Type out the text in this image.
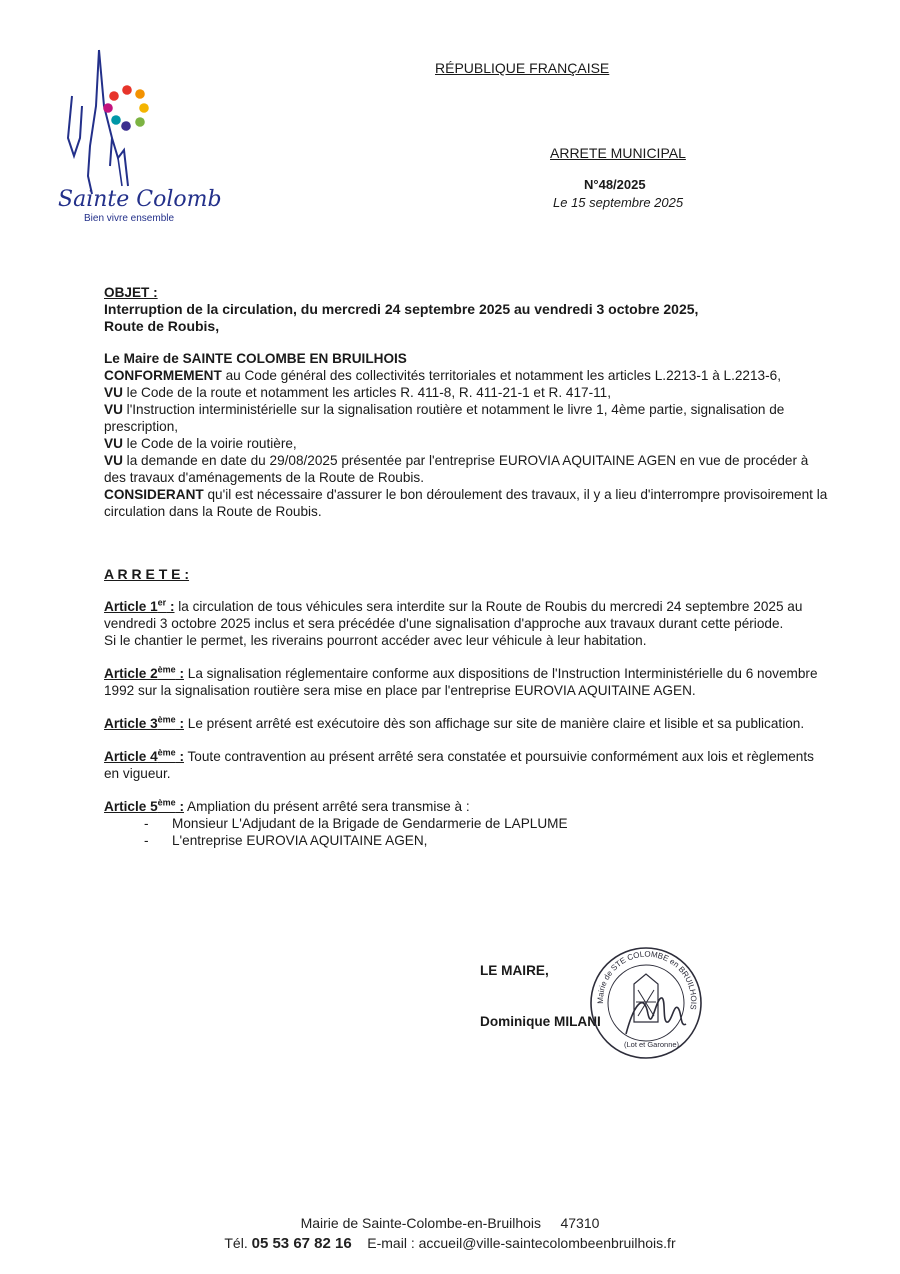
Sainte Colombe
Bien vivre ensemble
RÉPUBLIQUE FRANÇAISE
ARRETE MUNICIPAL
N°48/2025
Le 15 septembre 2025
OBJET :
Interruption de la circulation, du mercredi 24 septembre 2025 au vendredi 3 octobre 2025,
Route de Roubis,
Le Maire de SAINTE COLOMBE EN BRUILHOIS
CONFORMEMENT au Code général des collectivités territoriales et notamment les articles L.2213-1 à L.2213-6,
VU le Code de la route et notamment les articles R. 411-8, R. 411-21-1 et R. 417-11,
VU l'Instruction interministérielle sur la signalisation routière et notamment le livre 1, 4ème partie, signalisation de prescription,
VU le Code de la voirie routière,
VU la demande en date du 29/08/2025 présentée par l'entreprise EUROVIA AQUITAINE AGEN en vue de procéder à des travaux d'aménagements de la Route de Roubis.
CONSIDERANT qu'il est nécessaire d'assurer le bon déroulement des travaux, il y a lieu d'interrompre provisoirement la circulation dans la Route de Roubis.
A R R E T E :
Article 1er : la circulation de tous véhicules sera interdite sur la Route de Roubis du mercredi 24 septembre 2025 au vendredi 3 octobre 2025 inclus et sera précédée d'une signalisation d'approche aux travaux durant cette période.
Si le chantier le permet, les riverains pourront accéder avec leur véhicule à leur habitation.
Article 2ème : La signalisation réglementaire conforme aux dispositions de l'Instruction Interministérielle du 6 novembre 1992 sur la signalisation routière sera mise en place par l'entreprise EUROVIA AQUITAINE AGEN.
Article 3ème : Le présent arrêté est exécutoire dès son affichage sur site de manière claire et lisible et sa publication.
Article 4ème : Toute contravention au présent arrêté sera constatée et poursuivie conformément aux lois et règlements en vigueur.
Article 5ème : Ampliation du présent arrêté sera transmise à :
- Monsieur L'Adjudant de la Brigade de Gendarmerie de LAPLUME
- L'entreprise EUROVIA AQUITAINE AGEN,
LE MAIRE,
Dominique MILANI
Mairie de STE COLOMBE en BRUILHOIS
(Lot et Garonne)
Mairie de Sainte-Colombe-en-Bruilhois 47310
Tél. 05 53 67 82 16 E-mail : accueil@ville-saintecolombeenbruilhois.fr
